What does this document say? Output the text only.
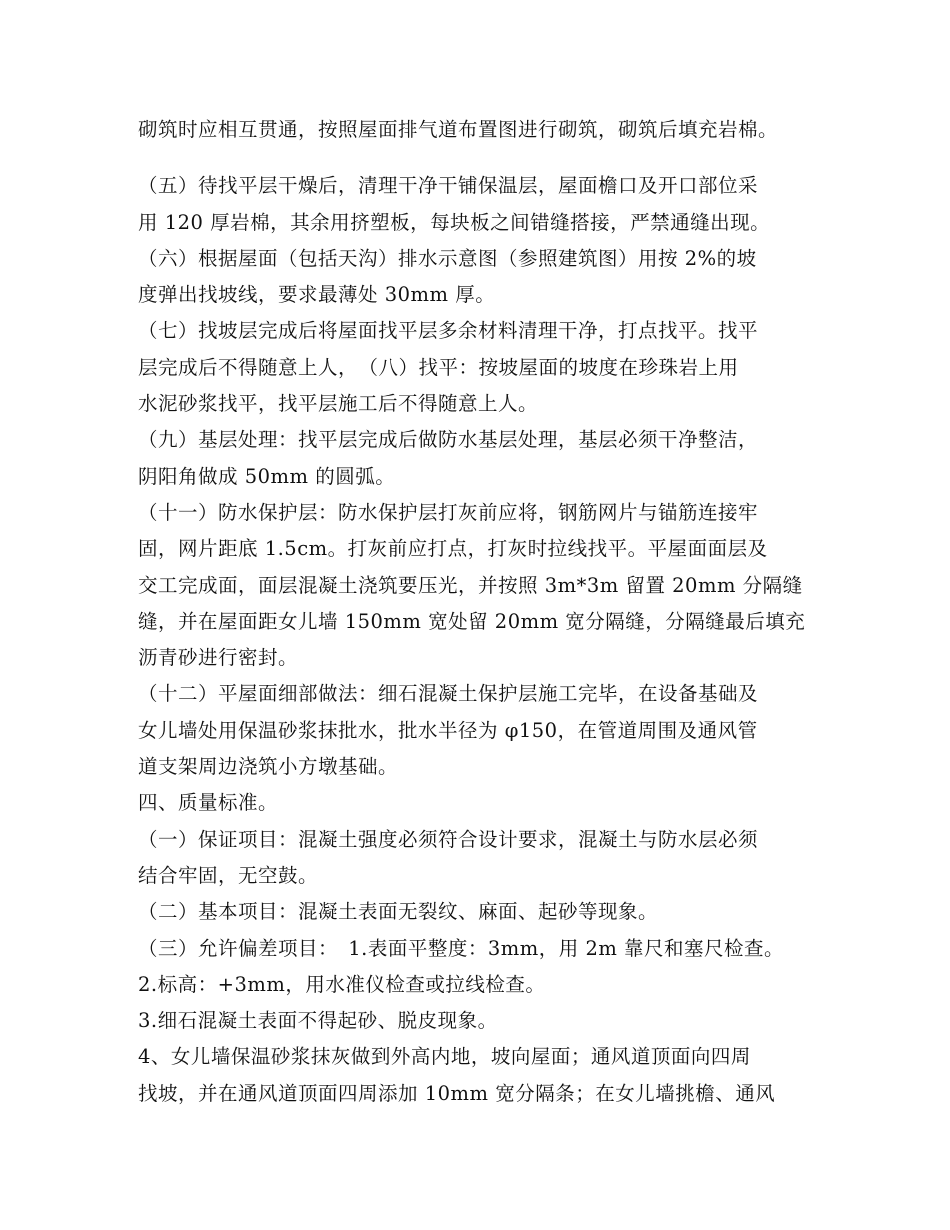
砌筑时应相互贯通，按照屋面排气道布置图进行砌筑，砌筑后填充岩棉。
（五）待找平层干燥后，清理干净干铺保温层，屋面檐口及开口部位采
用 120 厚岩棉，其余用挤塑板，每块板之间错缝搭接，严禁通缝出现。
（六）根据屋面（包括天沟）排水示意图（参照建筑图）用按 2%的坡
度弹出找坡线，要求最薄处 30mm 厚。
（七）找坡层完成后将屋面找平层多余材料清理干净，打点找平。找平
层完成后不得随意上人，　（八）找平：按坡屋面的坡度在珍珠岩上用
水泥砂浆找平，找平层施工后不得随意上人。
（九）基层处理：找平层完成后做防水基层处理，基层必须干净整洁，
阴阳角做成 50mm 的圆弧。
（十一）防水保护层：防水保护层打灰前应将，钢筋网片与锚筋连接牢
固，网片距底 1.5cm。打灰前应打点，打灰时拉线找平。平屋面面层及
交工完成面，面层混凝土浇筑要压光，并按照 3m*3m 留置 20mm 分隔缝
缝，并在屋面距女儿墙 150mm 宽处留 20mm 宽分隔缝，分隔缝最后填充
沥青砂进行密封。
（十二）平屋面细部做法：细石混凝土保护层施工完毕，在设备基础及
女儿墙处用保温砂浆抹批水，批水半径为 φ150，在管道周围及通风管
道支架周边浇筑小方墩基础。
四、质量标准。
（一）保证项目：混凝土强度必须符合设计要求，混凝土与防水层必须
结合牢固，无空鼓。
（二）基本项目：混凝土表面无裂纹、麻面、起砂等现象。
（三）允许偏差项目：　1.表面平整度：3mm，用 2m 靠尺和塞尺检查。
2.标高：+3mm，用水准仪检查或拉线检查。
3.细石混凝土表面不得起砂、脱皮现象。
4、女儿墙保温砂浆抹灰做到外高内地，坡向屋面；通风道顶面向四周
找坡，并在通风道顶面四周添加 10mm 宽分隔条；在女儿墙挑檐、通风
